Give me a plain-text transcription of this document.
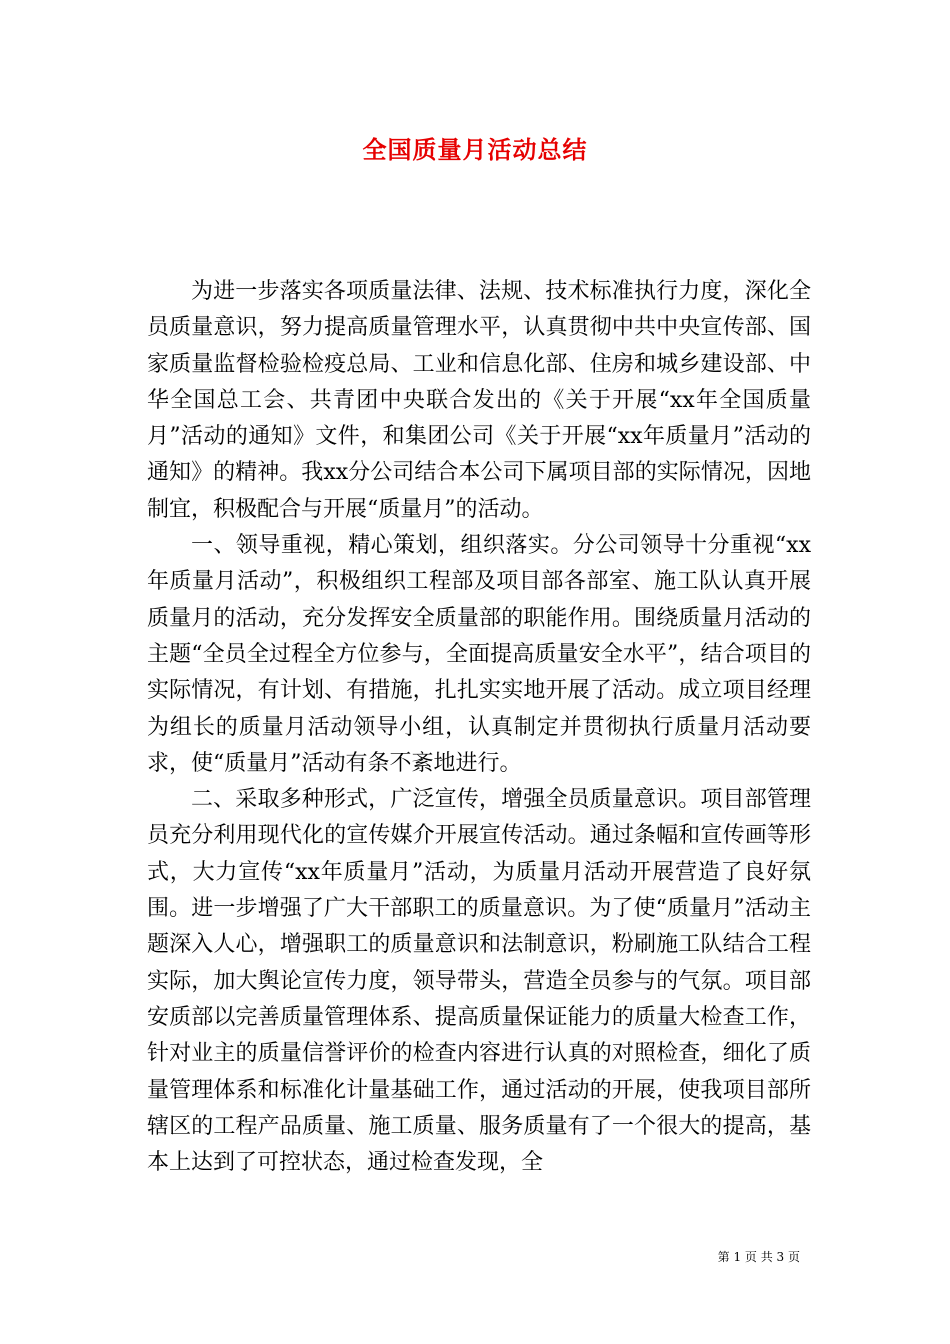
全国质量月活动总结

为进一步落实各项质量法律、法规、技术标准执行力度，深化全员质量意识，努力提高质量管理水平，认真贯彻中共中央宣传部、国家质量监督检验检疫总局、工业和信息化部、住房和城乡建设部、中华全国总工会、共青团中央联合发出的《关于开展“xx年全国质量月”活动的通知》文件，和集团公司《关于开展“xx年质量月”活动的通知》的精神。我xx分公司结合本公司下属项目部的实际情况，因地制宜，积极配合与开展“质量月”的活动。

一、领导重视，精心策划，组织落实。分公司领导十分重视“xx年质量月活动”，积极组织工程部及项目部各部室、施工队认真开展质量月的活动，充分发挥安全质量部的职能作用。围绕质量月活动的主题“全员全过程全方位参与，全面提高质量安全水平”，结合项目的实际情况，有计划、有措施，扎扎实实地开展了活动。成立项目经理为组长的质量月活动领导小组，认真制定并贯彻执行质量月活动要求，使“质量月”活动有条不紊地进行。

二、采取多种形式，广泛宣传，增强全员质量意识。项目部管理员充分利用现代化的宣传媒介开展宣传活动。通过条幅和宣传画等形式，大力宣传“xx年质量月”活动，为质量月活动开展营造了良好氛围。进一步增强了广大干部职工的质量意识。为了使“质量月”活动主题深入人心，增强职工的质量意识和法制意识，粉刷施工队结合工程实际，加大舆论宣传力度，领导带头，营造全员参与的气氛。项目部安质部以完善质量管理体系、提高质量保证能力的质量大检查工作，针对业主的质量信誉评价的检查内容进行认真的对照检查，细化了质量管理体系和标准化计量基础工作，通过活动的开展，使我项目部所辖区的工程产品质量、施工质量、服务质量有了一个很大的提高，基本上达到了可控状态，通过检查发现，全

第 1 页 共 3 页
